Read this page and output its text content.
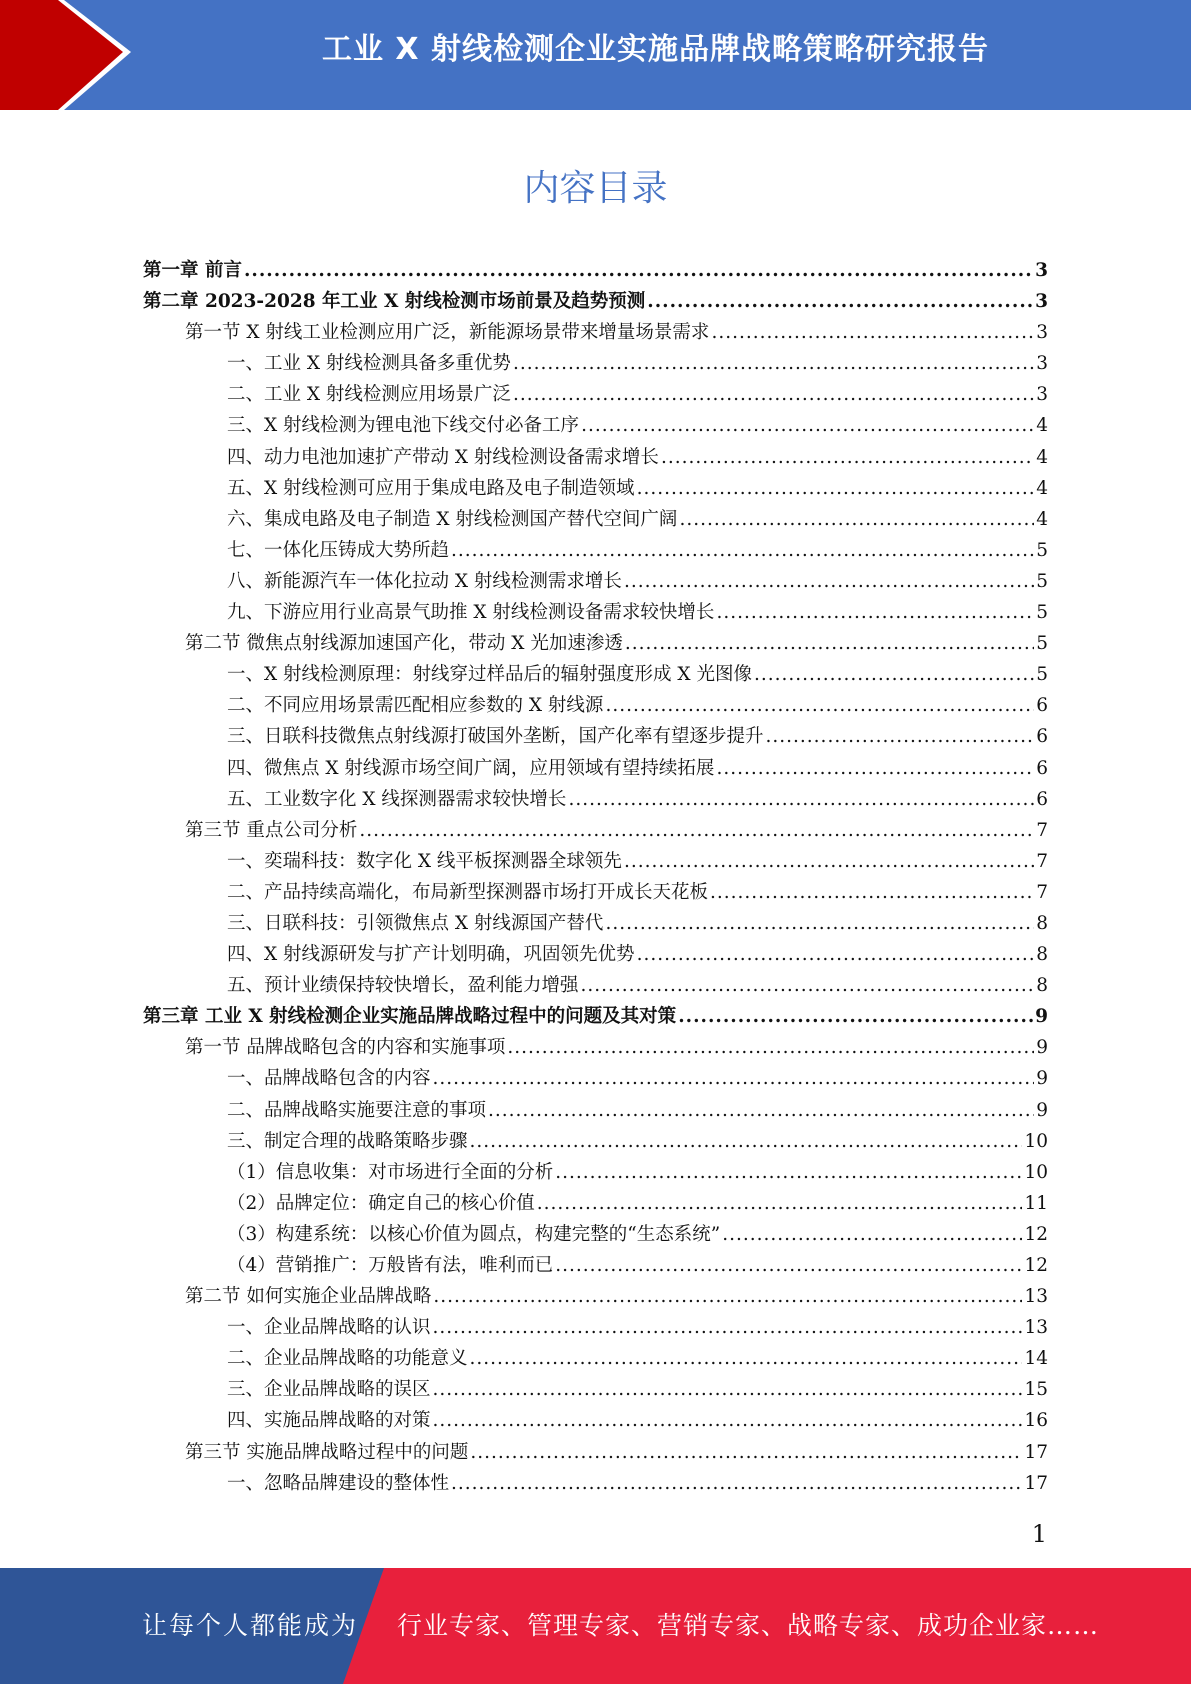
工业 X 射线检测企业实施品牌战略策略研究报告
内容目录
第一章 前言 .....	3
第二章 2023-2028 年工业 X 射线检测市场前景及趋势预测 .....	3
第一节 X 射线工业检测应用广泛，新能源场景带来增量场景需求 .....	3
一、工业 X 射线检测具备多重优势 .....	3
二、工业 X 射线检测应用场景广泛 .....	3
三、X 射线检测为锂电池下线交付必备工序 .....	4
四、动力电池加速扩产带动 X 射线检测设备需求增长 .....	4
五、X 射线检测可应用于集成电路及电子制造领域 .....	4
六、集成电路及电子制造 X 射线检测国产替代空间广阔 .....	4
七、一体化压铸成大势所趋 .....	5
八、新能源汽车一体化拉动 X 射线检测需求增长 .....	5
九、下游应用行业高景气助推 X 射线检测设备需求较快增长 .....	5
第二节 微焦点射线源加速国产化，带动 X 光加速渗透 .....	5
一、X 射线检测原理：射线穿过样品后的辐射强度形成 X 光图像 .....	5
二、不同应用场景需匹配相应参数的 X 射线源 .....	6
三、日联科技微焦点射线源打破国外垄断，国产化率有望逐步提升 .....	6
四、微焦点 X 射线源市场空间广阔，应用领域有望持续拓展 .....	6
五、工业数字化 X 线探测器需求较快增长 .....	6
第三节 重点公司分析 .....	7
一、奕瑞科技：数字化 X 线平板探测器全球领先 .....	7
二、产品持续高端化，布局新型探测器市场打开成长天花板 .....	7
三、日联科技：引领微焦点 X 射线源国产替代 .....	8
四、X 射线源研发与扩产计划明确，巩固领先优势 .....	8
五、预计业绩保持较快增长，盈利能力增强 .....	8
第三章 工业 X 射线检测企业实施品牌战略过程中的问题及其对策 .....	9
第一节 品牌战略包含的内容和实施事项 .....	9
一、品牌战略包含的内容 .....	9
二、品牌战略实施要注意的事项 .....	9
三、制定合理的战略策略步骤 .....	10
（1）信息收集：对市场进行全面的分析 .....	10
（2）品牌定位：确定自己的核心价值 .....	11
（3）构建系统：以核心价值为圆点，构建完整的“生态系统” .....	12
（4）营销推广：万般皆有法，唯利而已 .....	12
第二节 如何实施企业品牌战略 .....	13
一、企业品牌战略的认识 .....	13
二、企业品牌战略的功能意义 .....	14
三、企业品牌战略的误区 .....	15
四、实施品牌战略的对策 .....	16
第三节 实施品牌战略过程中的问题 .....	17
一、忽略品牌建设的整体性 .....	17
1
让每个人都能成为 行业专家、管理专家、营销专家、战略专家、成功企业家……
